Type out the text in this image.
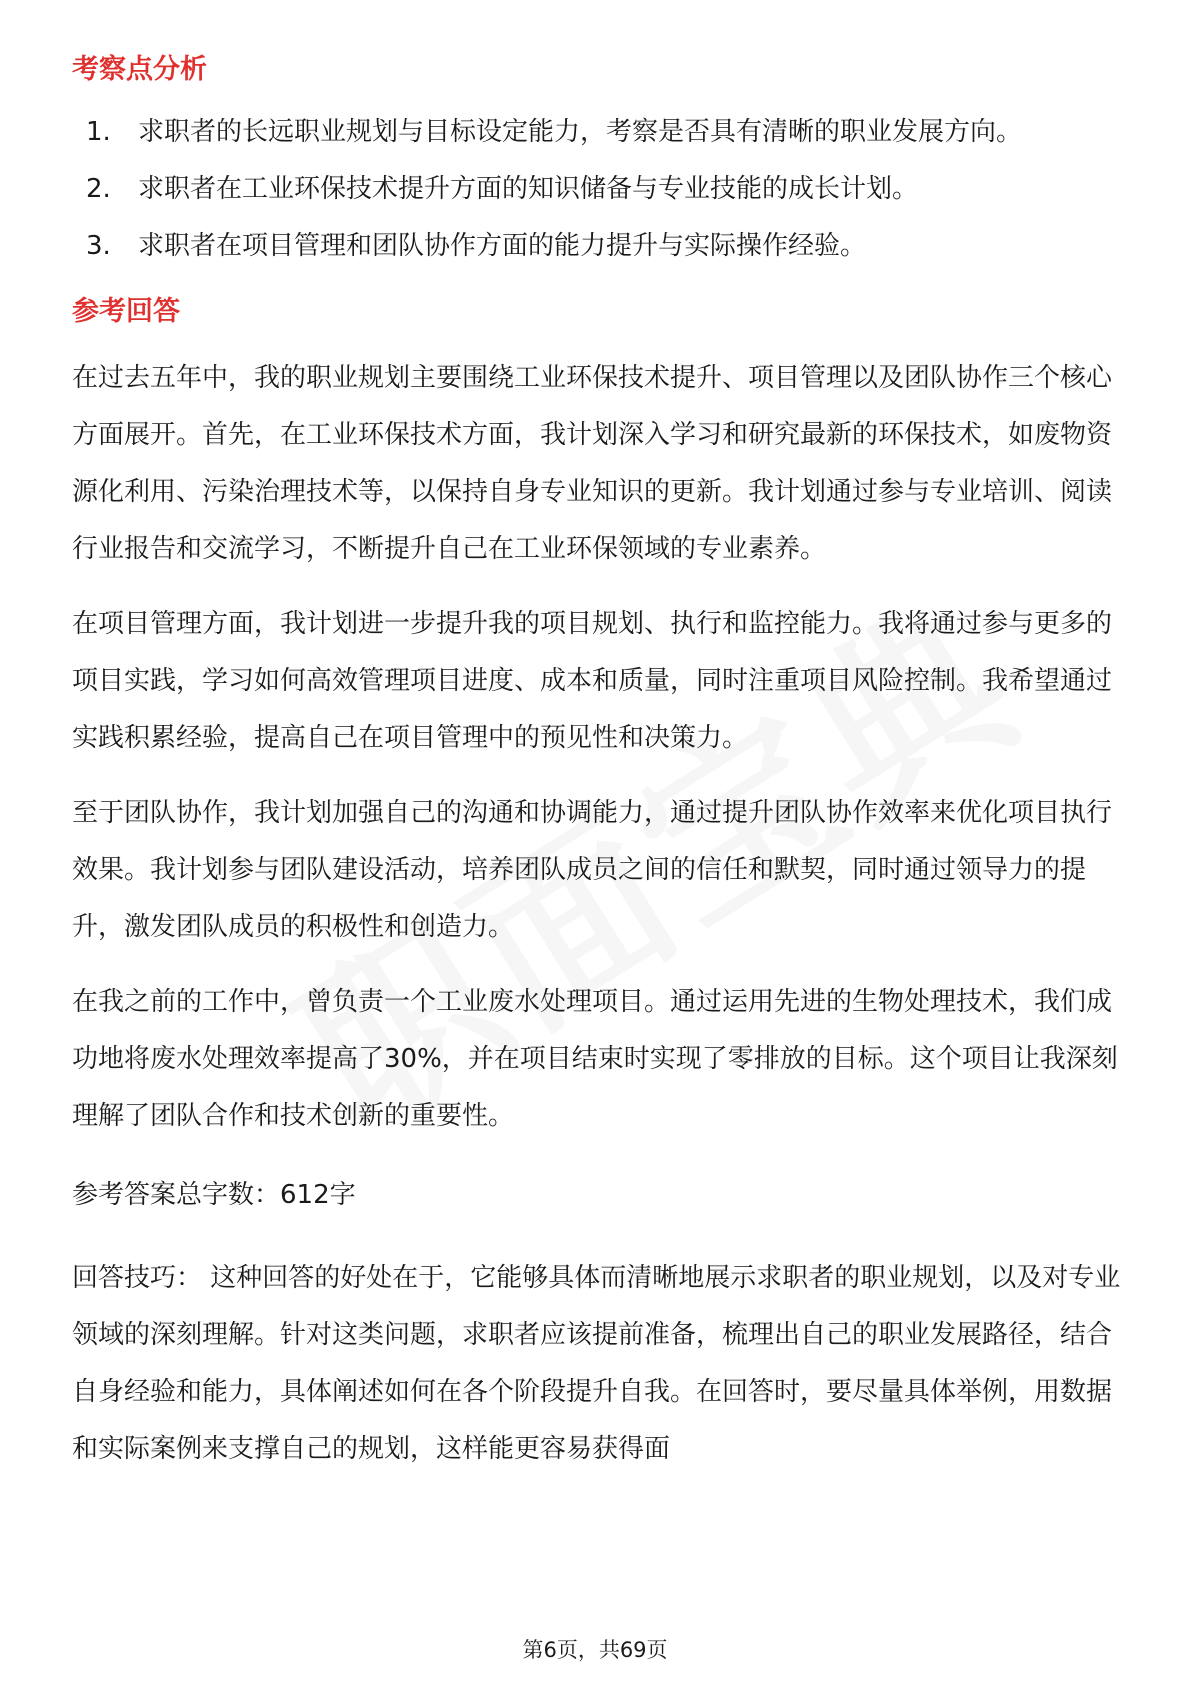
考察点分析
1.	求职者的长远职业规划与目标设定能力，考察是否具有清晰的职业发展方向。
2.	求职者在工业环保技术提升方面的知识储备与专业技能的成长计划。
3.	求职者在项目管理和团队协作方面的能力提升与实际操作经验。
参考回答

在过去五年中，我的职业规划主要围绕工业环保技术提升、项目管理以及团队协作三个核心方面展开。首先，在工业环保技术方面，我计划深入学习和研究最新的环保技术，如废物资源化利用、污染治理技术等，以保持自身专业知识的更新。我计划通过参与专业培训、阅读行业报告和交流学习，不断提升自己在工业环保领域的专业素养。

在项目管理方面，我计划进一步提升我的项目规划、执行和监控能力。我将通过参与更多的项目实践，学习如何高效管理项目进度、成本和质量，同时注重项目风险控制。我希望通过实践积累经验，提高自己在项目管理中的预见性和决策力。

至于团队协作，我计划加强自己的沟通和协调能力，通过提升团队协作效率来优化项目执行效果。我计划参与团队建设活动，培养团队成员之间的信任和默契，同时通过领导力的提升，激发团队成员的积极性和创造力。

在我之前的工作中，曾负责一个工业废水处理项目。通过运用先进的生物处理技术，我们成功地将废水处理效率提高了30%，并在项目结束时实现了零排放的目标。这个项目让我深刻理解了团队合作和技术创新的重要性。

参考答案总字数：612字

回答技巧： 这种回答的好处在于，它能够具体而清晰地展示求职者的职业规划，以及对专业领域的深刻理解。针对这类问题，求职者应该提前准备，梳理出自己的职业发展路径，结合自身经验和能力，具体阐述如何在各个阶段提升自我。在回答时，要尽量具体举例，用数据和实际案例来支撑自己的规划，这样能更容易获得面

第6页，共69页
